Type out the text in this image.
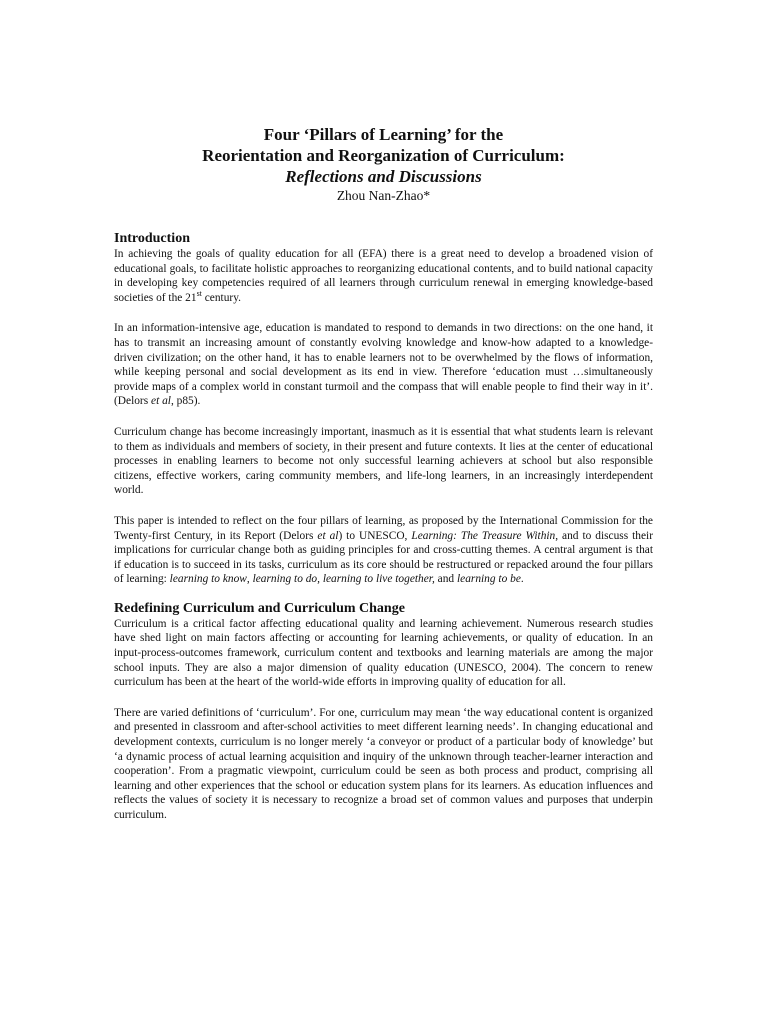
Four ‘Pillars of Learning’ for the
Reorientation and Reorganization of Curriculum:
Reflections and Discussions
Zhou Nan-Zhao*
Introduction

In achieving the goals of quality education for all (EFA) there is a great need to develop a broadened vision of educational goals, to facilitate holistic approaches to reorganizing educational contents, and to build national capacity in developing key competencies required of all learners through curriculum renewal in emerging knowledge-based societies of the 21st century.

In an information-intensive age, education is mandated to respond to demands in two directions: on the one hand, it has to transmit an increasing amount of constantly evolving knowledge and know-how adapted to a knowledge-driven civilization; on the other hand, it has to enable learners not to be overwhelmed by the flows of information, while keeping personal and social development as its end in view. Therefore ‘education must …simultaneously provide maps of a complex world in constant turmoil and the compass that will enable people to find their way in it’. (Delors et al, p85).

Curriculum change has become increasingly important, inasmuch as it is essential that what students learn is relevant to them as individuals and members of society, in their present and future contexts. It lies at the center of educational processes in enabling learners to become not only successful learning achievers at school but also responsible citizens, effective workers, caring community members, and life-long learners, in an increasingly interdependent world.

This paper is intended to reflect on the four pillars of learning, as proposed by the International Commission for the Twenty-first Century, in its Report (Delors et al) to UNESCO, Learning: The Treasure Within, and to discuss their implications for curricular change both as guiding principles for and cross-cutting themes. A central argument is that if education is to succeed in its tasks, curriculum as its core should be restructured or repacked around the four pillars of learning: learning to know, learning to do, learning to live together, and learning to be.

Redefining Curriculum and Curriculum Change

Curriculum is a critical factor affecting educational quality and learning achievement. Numerous research studies have shed light on main factors affecting or accounting for learning achievements, or quality of education. In an input-process-outcomes framework, curriculum content and textbooks and learning materials are among the major school inputs. They are also a major dimension of quality education (UNESCO, 2004). The concern to renew curriculum has been at the heart of the world-wide efforts in improving quality of education for all.

There are varied definitions of ‘curriculum’. For one, curriculum may mean ‘the way educational content is organized and presented in classroom and after-school activities to meet different learning needs’. In changing educational and development contexts, curriculum is no longer merely ‘a conveyor or product of a particular body of knowledge’ but ‘a dynamic process of actual learning acquisition and inquiry of the unknown through teacher-learner interaction and cooperation’. From a pragmatic viewpoint, curriculum could be seen as both process and product, comprising all learning and other experiences that the school or education system plans for its learners. As education influences and reflects the values of society it is necessary to recognize a broad set of common values and purposes that underpin curriculum.
